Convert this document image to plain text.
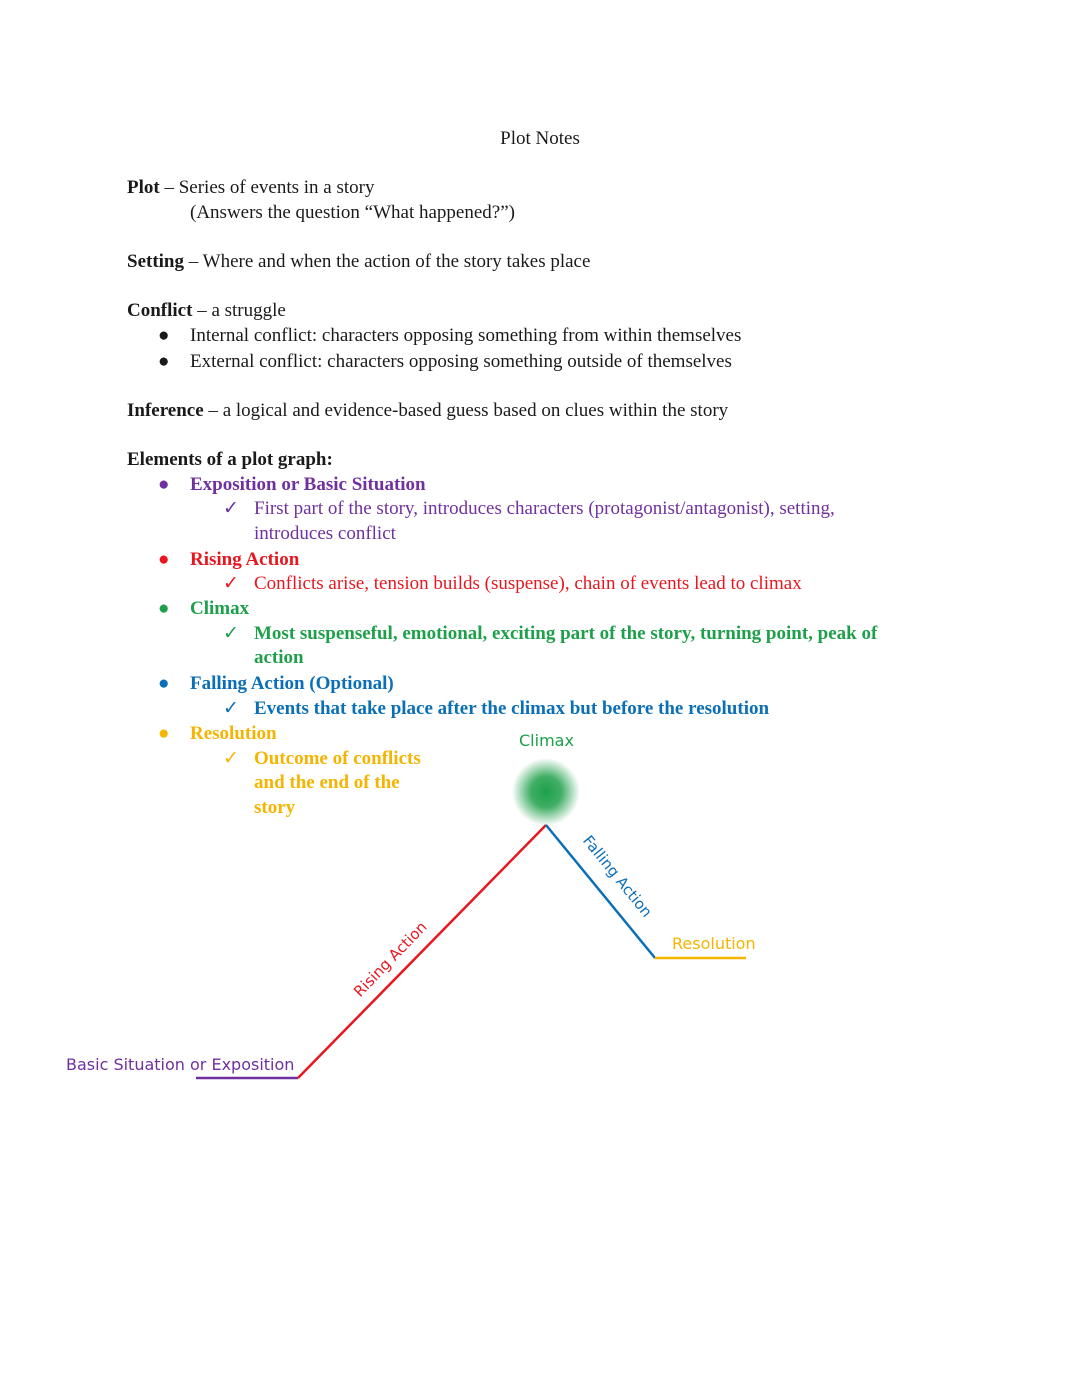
Plot Notes
Plot – Series of events in a story
(Answers the question “What happened?”)
Setting – Where and when the action of the story takes place
Conflict – a struggle
● Internal conflict: characters opposing something from within themselves
● External conflict: characters opposing something outside of themselves
Inference – a logical and evidence-based guess based on clues within the story
Elements of a plot graph:
● Exposition or Basic Situation
✓ First part of the story, introduces characters (protagonist/antagonist), setting,
introduces conflict
● Rising Action
✓ Conflicts arise, tension builds (suspense), chain of events lead to climax
● Climax
✓ Most suspenseful, emotional, exciting part of the story, turning point, peak of
action
● Falling Action (Optional)
✓ Events that take place after the climax but before the resolution
● Resolution
✓ Outcome of conflicts
and the end of the
story
Climax
Resolution
Basic Situation or Exposition
Rising Action
Falling Action
